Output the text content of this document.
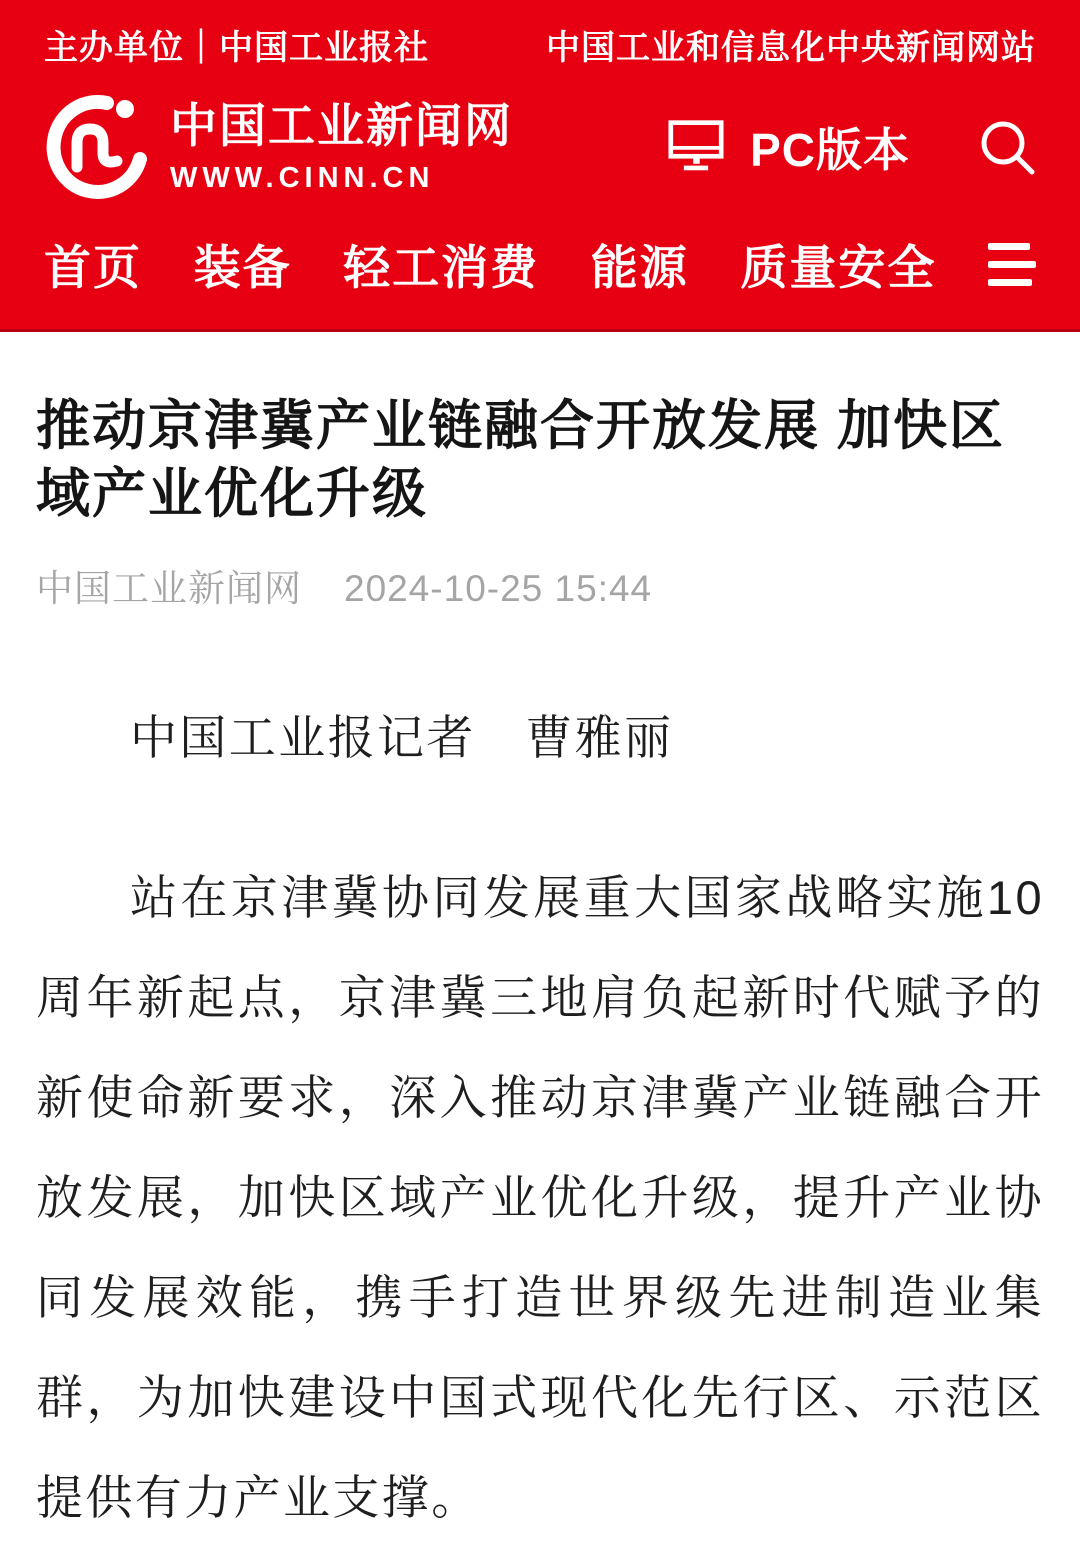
主办单位｜中国工业报社	中国工业和信息化中央新闻网站
中国工业新闻网
WWW.CINN.CN
PC版本
首页 装备 轻工消费 能源 质量安全
推动京津冀产业链融合开放发展 加快区域产业优化升级
中国工业新闻网 2024-10-25 15:44

中国工业报记者　曹雅丽

站在京津冀协同发展重大国家战略实施10周年新起点，京津冀三地肩负起新时代赋予的新使命新要求，深入推动京津冀产业链融合开放发展，加快区域产业优化升级，提升产业协同发展效能，携手打造世界级先进制造业集群，为加快建设中国式现代化先行区、示范区提供有力产业支撑。
